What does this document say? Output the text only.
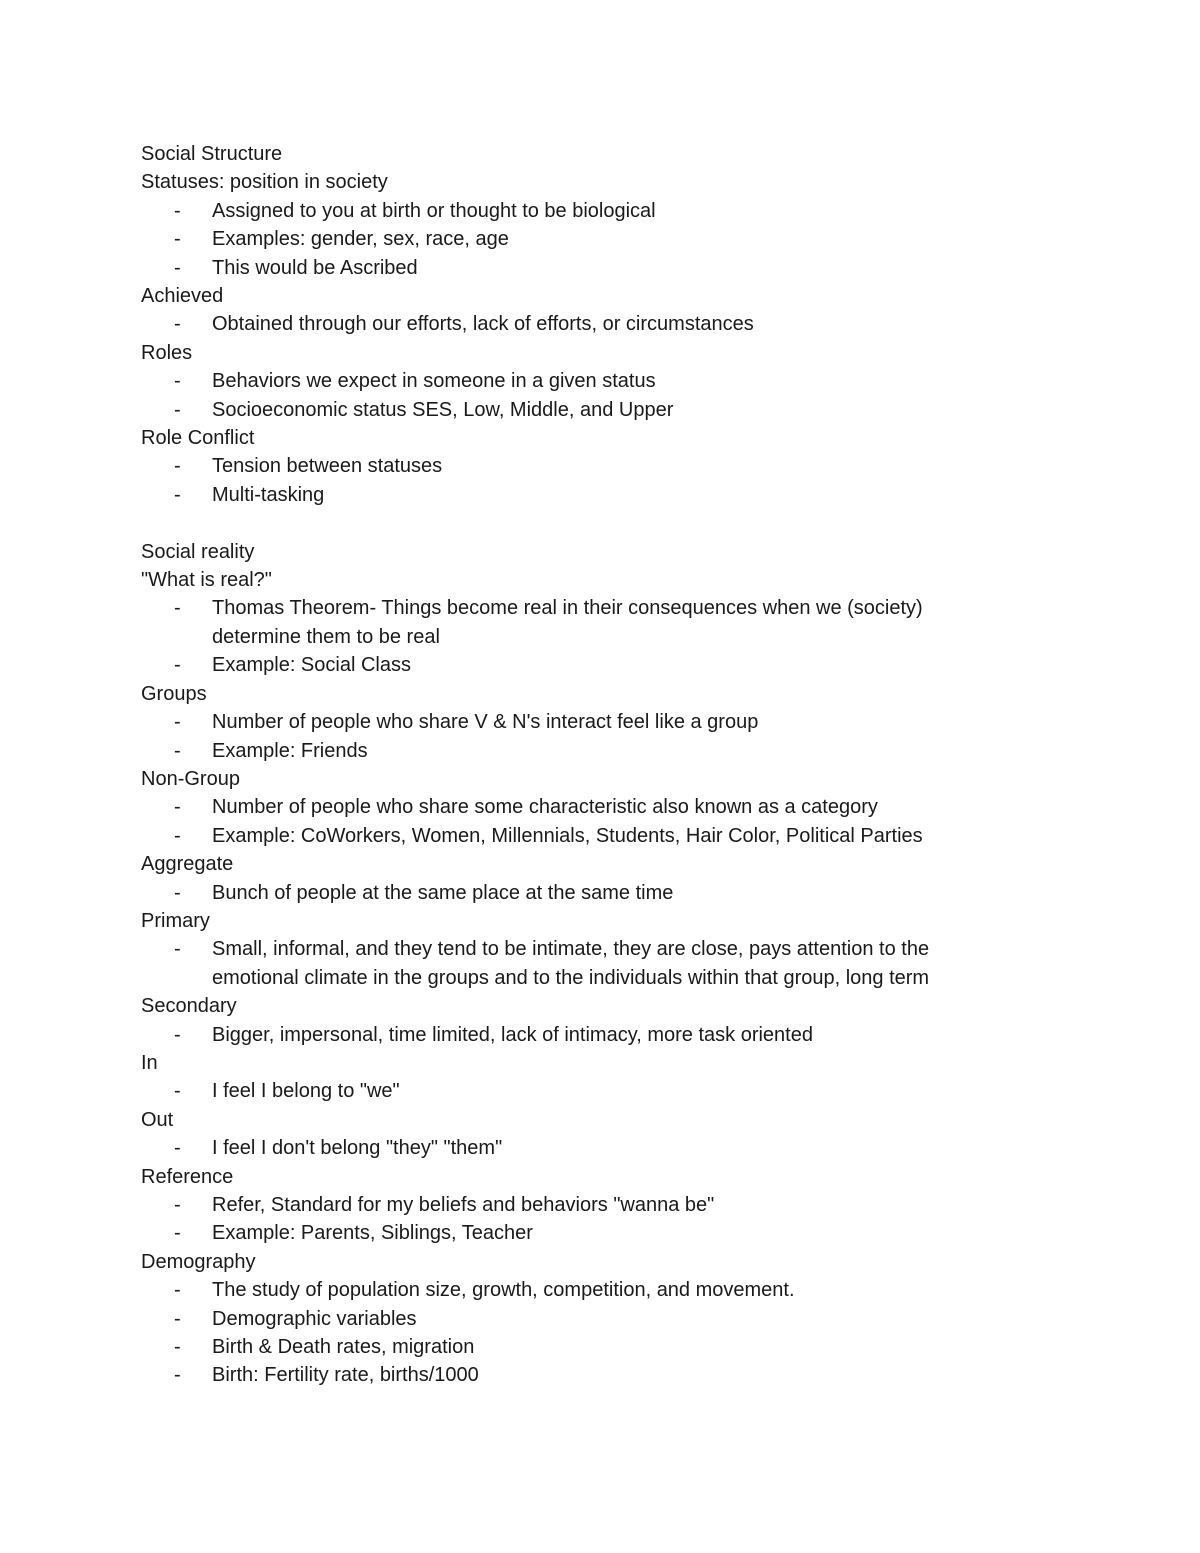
Social Structure
Statuses: position in society
- Assigned to you at birth or thought to be biological
- Examples: gender, sex, race, age
- This would be Ascribed
Achieved
- Obtained through our efforts, lack of efforts, or circumstances
Roles
- Behaviors we expect in someone in a given status
- Socioeconomic status SES, Low, Middle, and Upper
Role Conflict
- Tension between statuses
- Multi-tasking
Social reality
"What is real?"
- Thomas Theorem- Things become real in their consequences when we (society) determine them to be real
- Example: Social Class
Groups
- Number of people who share V & N's interact feel like a group
- Example: Friends
Non-Group
- Number of people who share some characteristic also known as a category
- Example: CoWorkers, Women, Millennials, Students, Hair Color, Political Parties
Aggregate
- Bunch of people at the same place at the same time
Primary
- Small, informal, and they tend to be intimate, they are close, pays attention to the emotional climate in the groups and to the individuals within that group, long term
Secondary
- Bigger, impersonal, time limited, lack of intimacy, more task oriented
In
- I feel I belong to "we"
Out
- I feel I don't belong "they" "them"
Reference
- Refer, Standard for my beliefs and behaviors "wanna be"
- Example: Parents, Siblings, Teacher
Demography
- The study of population size, growth, competition, and movement.
- Demographic variables
- Birth & Death rates, migration
- Birth: Fertility rate, births/1000
